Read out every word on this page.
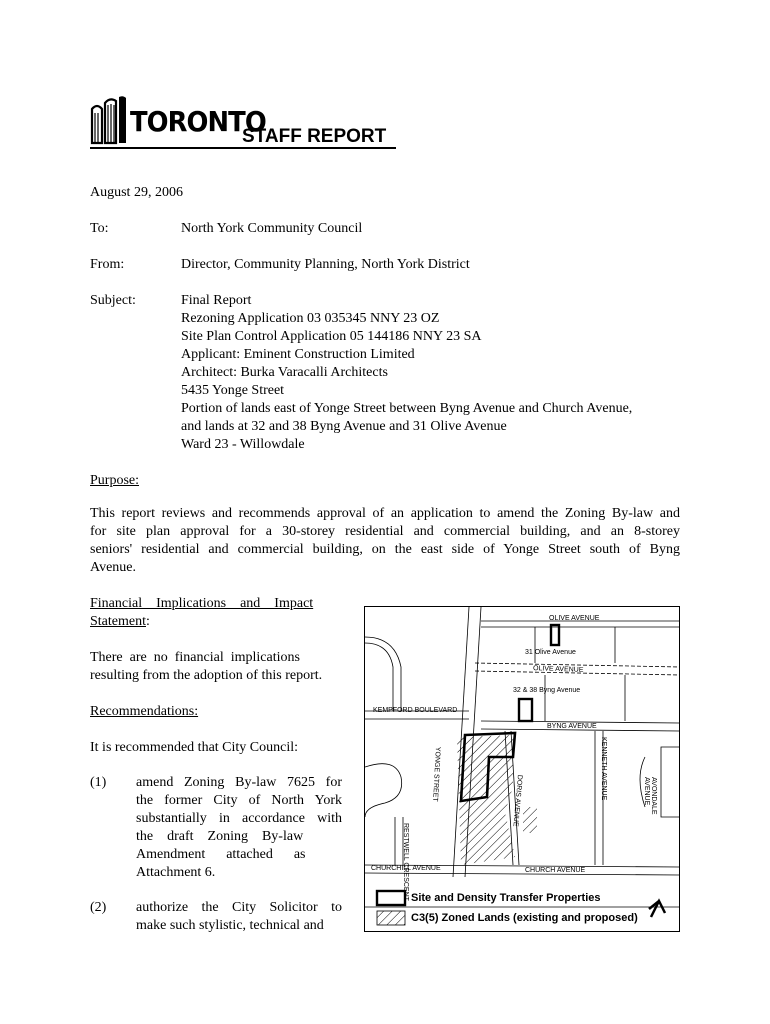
TORONTO
STAFF REPORT
August 29, 2006
To:	North York Community Council
From:	Director, Community Planning, North York District
Subject:	Final Report
Rezoning Application 03 035345 NNY 23 OZ
Site Plan Control Application 05 144186 NNY 23 SA
Applicant: Eminent Construction Limited
Architect: Burka Varacalli Architects
5435 Yonge Street
Portion of lands east of Yonge Street between Byng Avenue and Church Avenue,
and lands at 32 and 38 Byng Avenue and 31 Olive Avenue
Ward 23 - Willowdale
Purpose:
This report reviews and recommends approval of an application to amend the Zoning By-law and
for site plan approval for a 30-storey residential and commercial building, and an 8-storey
seniors' residential and commercial building, on the east side of Yonge Street south of Byng
Avenue.
Financial    Implications    and    Impact
Statement:
There  are  no  financial  implications
resulting from the adoption of this report.
Recommendations:
It is recommended that City Council:
(1) amend Zoning By-law 7625 for
the former City of North York
substantially in accordance with
the    draft    Zoning    By-law
Amendment      attached      as
Attachment 6.
(2) authorize the City Solicitor to
make such stylistic, technical and
OLIVE AVENUE
31 Olive Avenue
OLIVE AVENUE
32 & 38 Byng Avenue
KEMPFORD BOULEVARD
BYNG AVENUE
YONGE STREET	DORIS AVENUE
KENNETH AVENUE	AVONDALE AVENUE
CHURCHILL AVENUE	CHURCH AVENUE
RESTWELL CRESCENT Site and Density Transfer Properties
C3(5) Zoned Lands (existing and proposed)
